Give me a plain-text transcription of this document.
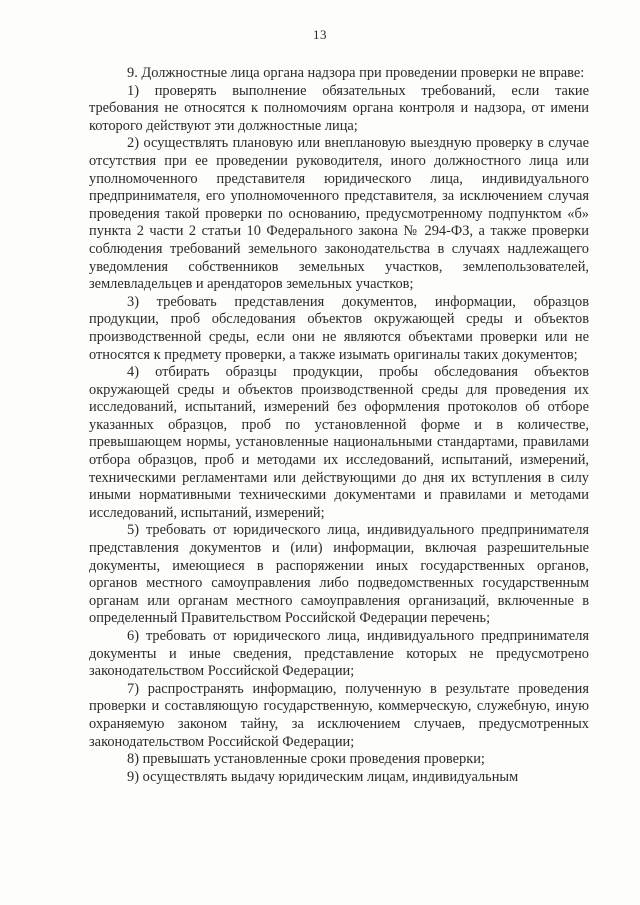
13

9. Должностные лица органа надзора при проведении проверки не вправе:

1) проверять выполнение обязательных требований, если такие требования не относятся к полномочиям органа контроля и надзора, от имени которого действуют эти должностные лица;

2) осуществлять плановую или внеплановую выездную проверку в случае отсутствия при ее проведении руководителя, иного должностного лица или уполномоченного представителя юридического лица, индивидуального предпринимателя, его уполномоченного представителя, за исключением случая проведения такой проверки по основанию, предусмотренному подпунктом «б» пункта 2 части 2 статьи 10 Федерального закона № 294-ФЗ, а также проверки соблюдения требований земельного законодательства в случаях надлежащего уведомления собственников земельных участков, землепользователей, землевладельцев и арендаторов земельных участков;

3) требовать представления документов, информации, образцов продукции, проб обследования объектов окружающей среды и объектов производственной среды, если они не являются объектами проверки или не относятся к предмету проверки, а также изымать оригиналы таких документов;

4) отбирать образцы продукции, пробы обследования объектов окружающей среды и объектов производственной среды для проведения их исследований, испытаний, измерений без оформления протоколов об отборе указанных образцов, проб по установленной форме и в количестве, превышающем нормы, установленные национальными стандартами, правилами отбора образцов, проб и методами их исследований, испытаний, измерений, техническими регламентами или действующими до дня их вступления в силу иными нормативными техническими документами и правилами и методами исследований, испытаний, измерений;

5) требовать от юридического лица, индивидуального предпринимателя представления документов и (или) информации, включая разрешительные документы, имеющиеся в распоряжении иных государственных органов, органов местного самоуправления либо подведомственных государственным органам или органам местного самоуправления организаций, включенные в определенный Правительством Российской Федерации перечень;

6) требовать от юридического лица, индивидуального предпринимателя документы и иные сведения, представление которых не предусмотрено законодательством Российской Федерации;

7) распространять информацию, полученную в результате проведения проверки и составляющую государственную, коммерческую, служебную, иную охраняемую законом тайну, за исключением случаев, предусмотренных законодательством Российской Федерации;

8) превышать установленные сроки проведения проверки;

9) осуществлять выдачу юридическим лицам, индивидуальным
